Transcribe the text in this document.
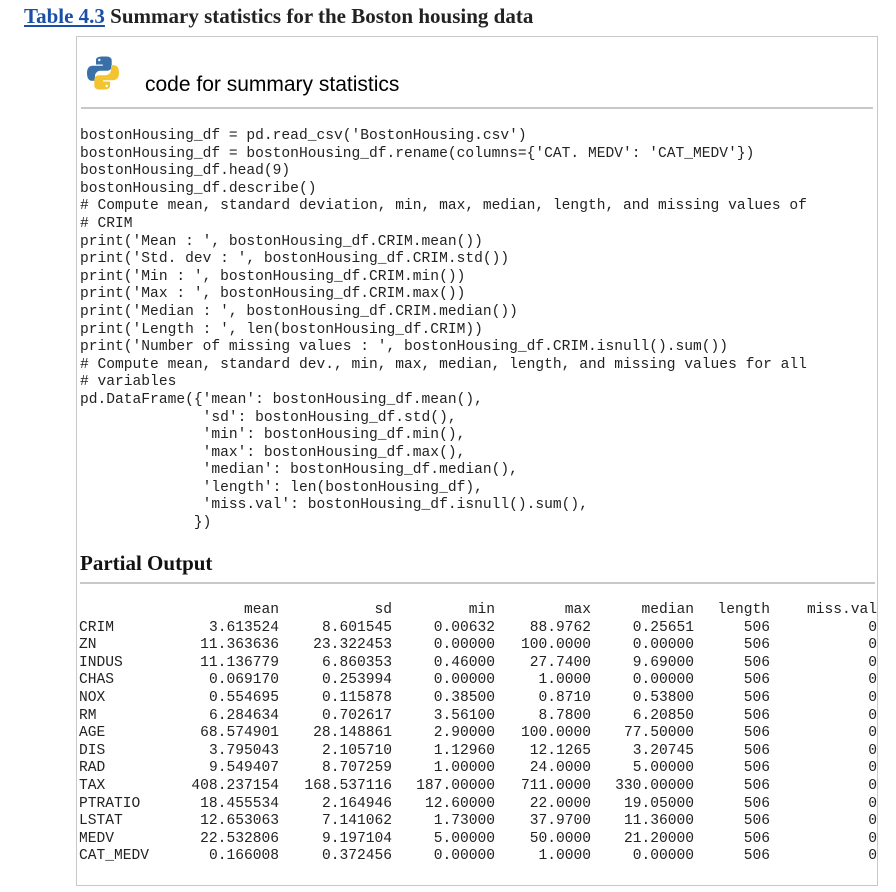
Table 4.3 Summary statistics for the Boston housing data
code for summary statistics
bostonHousing_df = pd.read_csv('BostonHousing.csv')
bostonHousing_df = bostonHousing_df.rename(columns={'CAT. MEDV': 'CAT_MEDV'})
bostonHousing_df.head(9)
bostonHousing_df.describe()
# Compute mean, standard deviation, min, max, median, length, and missing values of
# CRIM
print('Mean : ', bostonHousing_df.CRIM.mean())
print('Std. dev : ', bostonHousing_df.CRIM.std())
print('Min : ', bostonHousing_df.CRIM.min())
print('Max : ', bostonHousing_df.CRIM.max())
print('Median : ', bostonHousing_df.CRIM.median())
print('Length : ', len(bostonHousing_df.CRIM))
print('Number of missing values : ', bostonHousing_df.CRIM.isnull().sum())
# Compute mean, standard dev., min, max, median, length, and missing values for all
# variables
pd.DataFrame({'mean': bostonHousing_df.mean(),
'sd': bostonHousing_df.std(),
'min': bostonHousing_df.min(),
'max': bostonHousing_df.max(),
'median': bostonHousing_df.median(),
'length': len(bostonHousing_df),
'miss.val': bostonHousing_df.isnull().sum(),
})
Partial Output
	mean	sd	min	max	median	length	miss.val
CRIM	3.613524	8.601545	0.00632	88.9762	0.25651	506	0
ZN	11.363636	23.322453	0.00000	100.0000	0.00000	506	0
INDUS	11.136779	6.860353	0.46000	27.7400	9.69000	506	0
CHAS	0.069170	0.253994	0.00000	1.0000	0.00000	506	0
NOX	0.554695	0.115878	0.38500	0.8710	0.53800	506	0
RM	6.284634	0.702617	3.56100	8.7800	6.20850	506	0
AGE	68.574901	28.148861	2.90000	100.0000	77.50000	506	0
DIS	3.795043	2.105710	1.12960	12.1265	3.20745	506	0
RAD	9.549407	8.707259	1.00000	24.0000	5.00000	506	0
TAX	408.237154	168.537116	187.00000	711.0000	330.00000	506	0
PTRATIO	18.455534	2.164946	12.60000	22.0000	19.05000	506	0
LSTAT	12.653063	7.141062	1.73000	37.9700	11.36000	506	0
MEDV	22.532806	9.197104	5.00000	50.0000	21.20000	506	0
CAT_MEDV	0.166008	0.372456	0.00000	1.0000	0.00000	506	0
